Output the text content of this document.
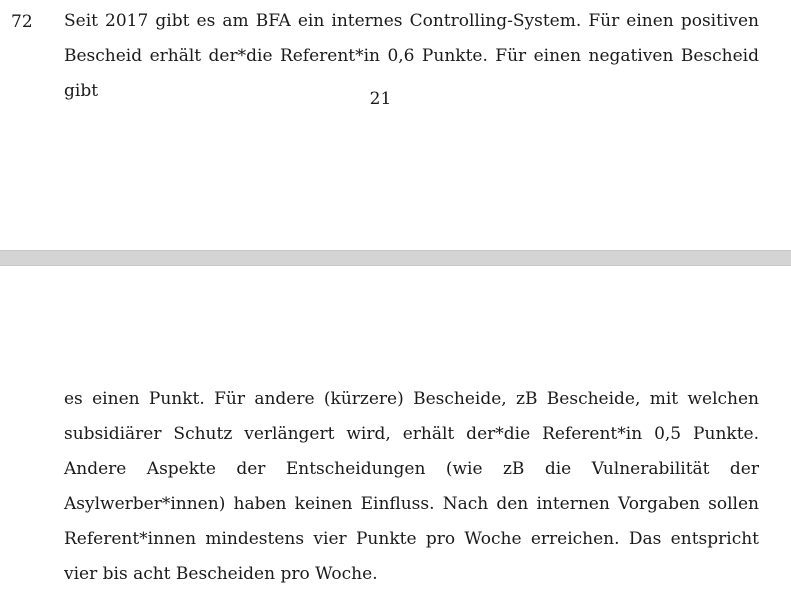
72 Seit 2017 gibt es am BFA ein internes Controlling-System. Für einen positiven Bescheid erhält der*die Referent*in 0,6 Punkte. Für einen negativen Bescheid gibt	21

es einen Punkt. Für andere (kürzere) Bescheide, zB Bescheide, mit welchen subsidiärer Schutz verlängert wird, erhält der*die Referent*in 0,5 Punkte. Andere Aspekte der Entscheidungen (wie zB die Vulnerabilität der Asylwerber*innen) haben keinen Einfluss. Nach den internen Vorgaben sollen Referent*innen mindestens vier Punkte pro Woche erreichen. Das entspricht vier bis acht Bescheiden pro Woche.
